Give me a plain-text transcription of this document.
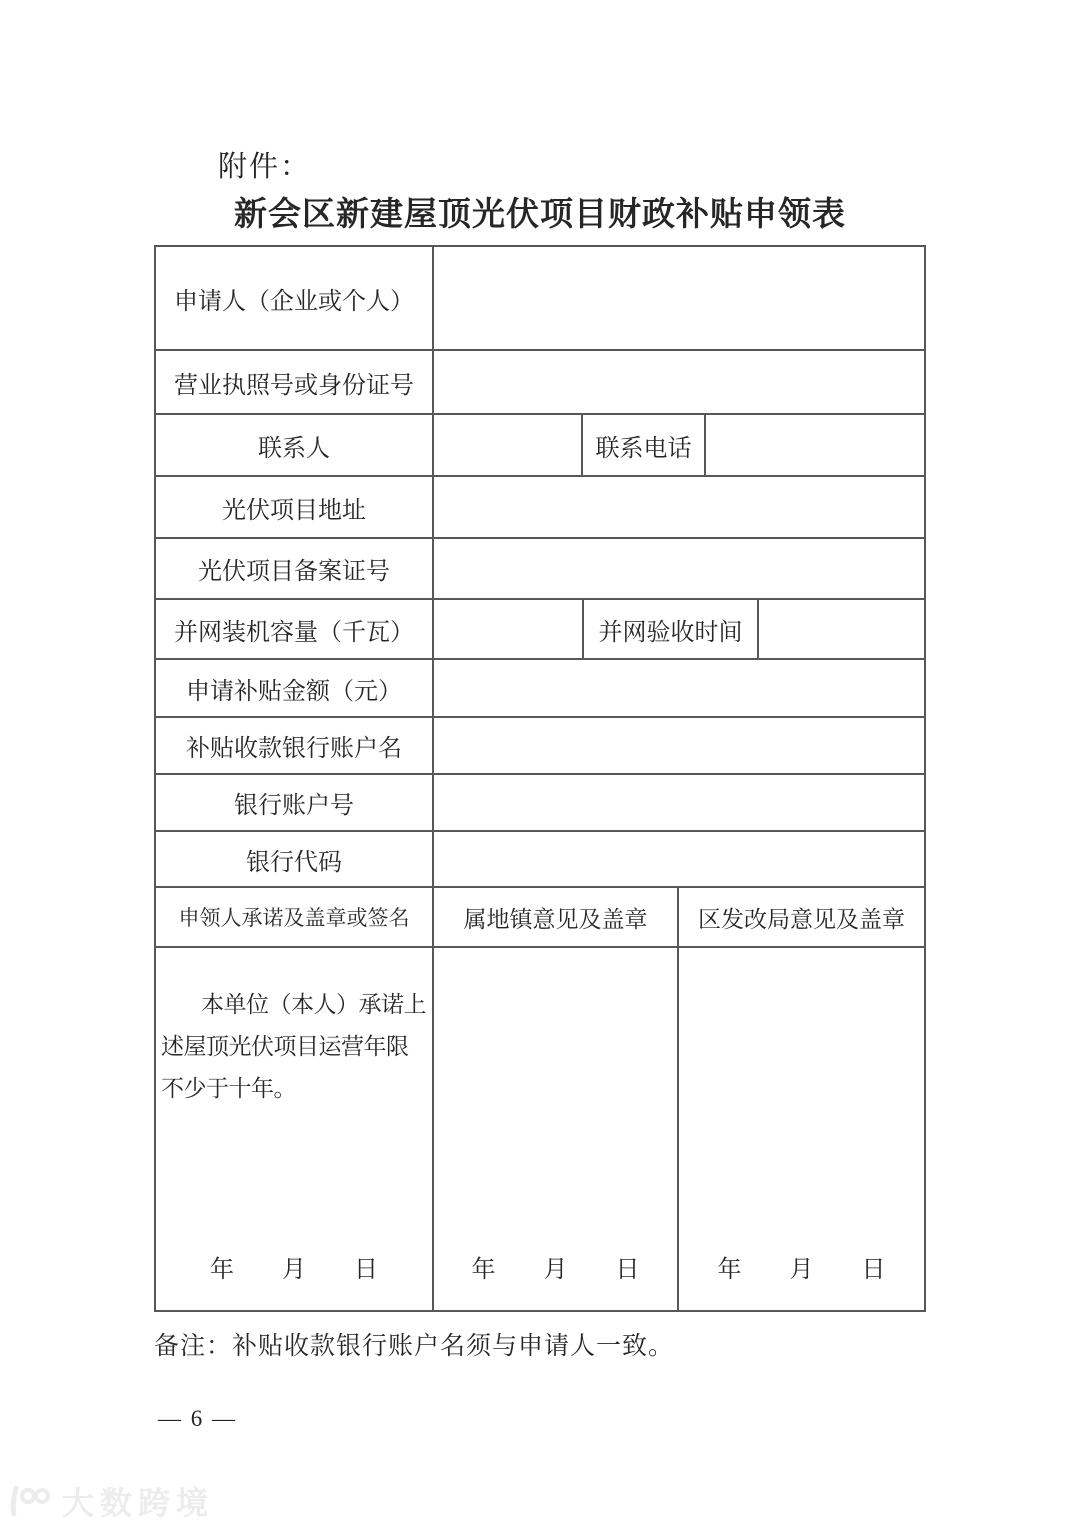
附件：
新会区新建屋顶光伏项目财政补贴申领表
申请人（企业或个人）
营业执照号或身份证号
联系人	联系电话
光伏项目地址
光伏项目备案证号
并网装机容量（千瓦）	并网验收时间
申请补贴金额（元）
补贴收款银行账户名
银行账户号
银行代码
申领人承诺及盖章或签名	属地镇意见及盖章	区发改局意见及盖章
本单位（本人）承诺上述屋顶光伏项目运营年限不少于十年。
年　　月　　日	年　　月　　日	年　　月　　日
备注：补贴收款银行账户名须与申请人一致。
— 6 —
大数跨境
